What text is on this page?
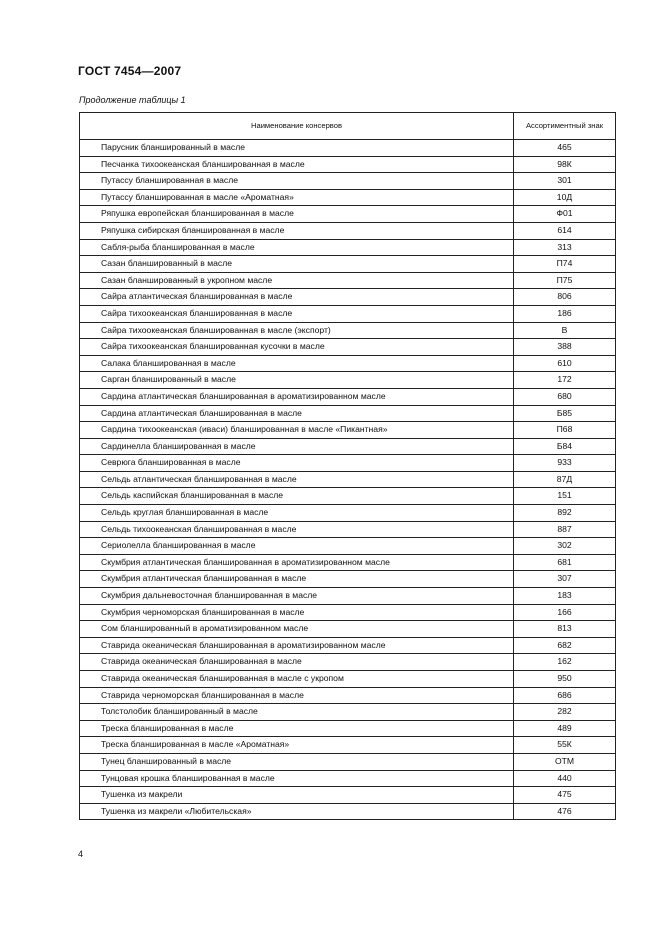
ГОСТ 7454—2007
Продолжение таблицы 1
Наименование консервов	Ассортиментный знак
Парусник бланшированный в масле	465
Песчанка тихоокеанская бланшированная в масле	98К
Путассу бланшированная в масле	301
Путассу бланшированная в масле «Ароматная»	10Д
Ряпушка европейская бланшированная в масле	Ф01
Ряпушка сибирская бланшированная в масле	614
Сабля-рыба бланшированная в масле	313
Сазан бланшированный в масле	П74
Сазан бланшированный в укропном масле	П75
Сайра атлантическая бланшированная в масле	806
Сайра тихоокеанская бланшированная в масле	186
Сайра тихоокеанская бланшированная в масле (экспорт)	В
Сайра тихоокеанская бланшированная кусочки в масле	388
Салака бланшированная в масле	610
Сарган бланшированный в масле	172
Сардина атлантическая бланшированная в ароматизированном масле	680
Сардина атлантическая бланшированная в масле	Б85
Сардина тихоокеанская (иваси) бланшированная в масле «Пикантная»	П68
Сардинелла бланшированная в масле	Б84
Севрюга бланшированная в масле	933
Сельдь атлантическая бланшированная в масле	87Д
Сельдь каспийская бланшированная в масле	151
Сельдь круглая бланшированная в масле	892
Сельдь тихоокеанская бланшированная в масле	887
Сериолелла бланшированная в масле	302
Скумбрия атлантическая бланшированная в ароматизированном масле	681
Скумбрия атлантическая бланшированная в масле	307
Скумбрия дальневосточная бланшированная в масле	183
Скумбрия черноморская бланшированная в масле	166
Сом бланшированный в ароматизированном масле	813
Ставрида океаническая бланшированная в ароматизированном масле	682
Ставрида океаническая бланшированная в масле	162
Ставрида океаническая бланшированная в масле с укропом	950
Ставрида черноморская бланшированная в масле	686
Толстолобик бланшированный в масле	282
Треска бланшированная в масле	489
Треска бланшированная в масле «Ароматная»	55К
Тунец бланшированный в масле	ОТМ
Тунцовая крошка бланшированная в масле	440
Тушенка из макрели	475
Тушенка из макрели «Любительская»	476
4
